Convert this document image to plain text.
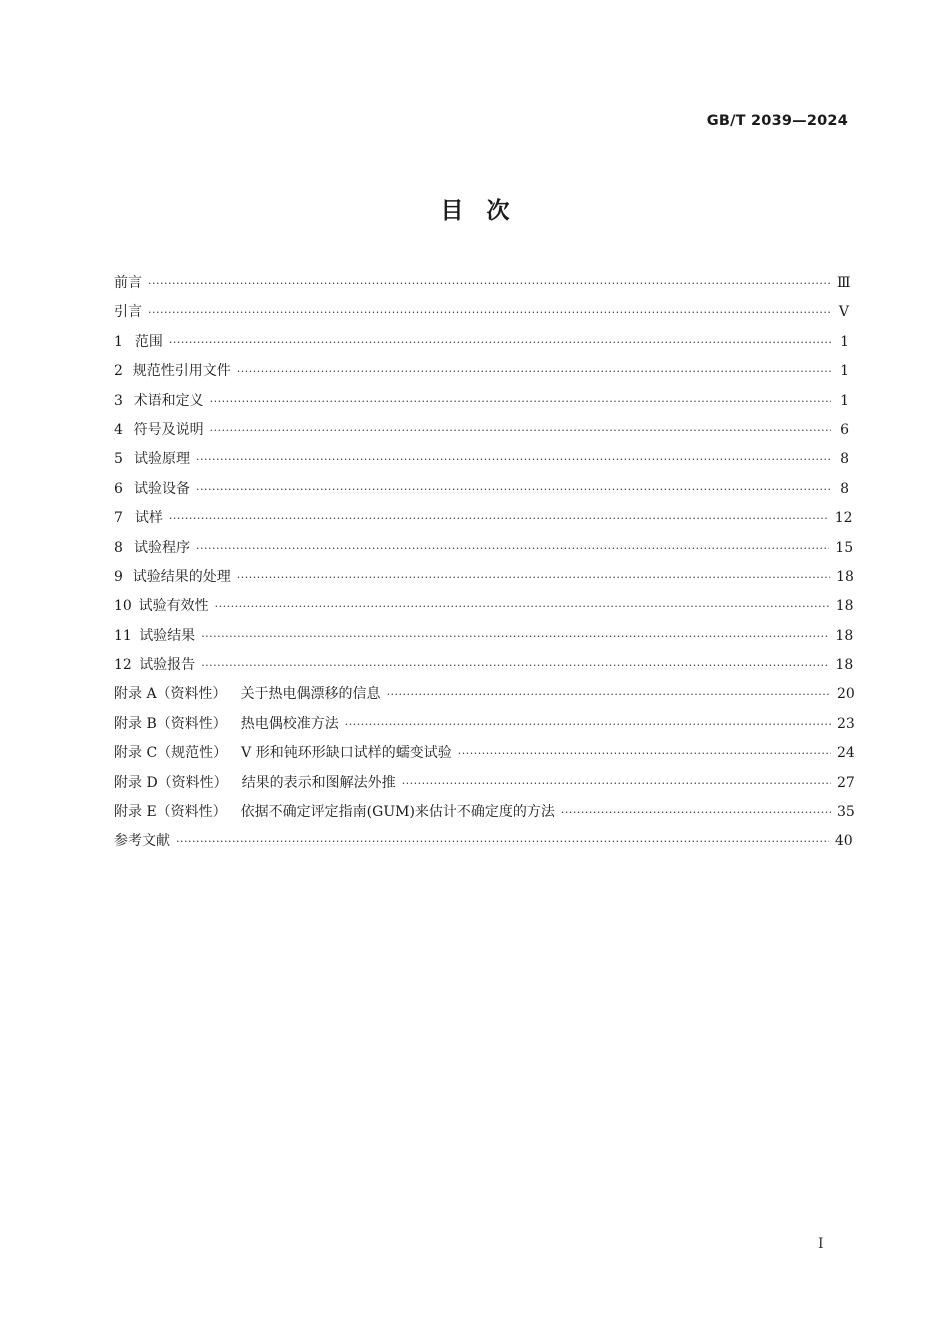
GB/T 2039—2024
目　次
前言 ·····	Ⅲ
引言 ·····	Ⅴ
1 范围 ·····	1
2 规范性引用文件 ·····	1
3 术语和定义 ·····	1
4 符号及说明 ·····	6
5 试验原理 ·····	8
6 试验设备 ·····	8
7 试样 ·····	12
8 试验程序 ·····	15
9 试验结果的处理 ·····	18
10 试验有效性 ·····	18
11 试验结果 ·····	18
12 试验报告 ·····	18
附录 A（资料性） 关于热电偶漂移的信息 ·····	20
附录 B（资料性） 热电偶校准方法 ·····	23
附录 C（规范性） V 形和钝环形缺口试样的蠕变试验 ·····	24
附录 D（资料性） 结果的表示和图解法外推 ·····	27
附录 E（资料性） 依据不确定评定指南(GUM)来估计不确定度的方法 ·····	35
参考文献 ·····	40
I
